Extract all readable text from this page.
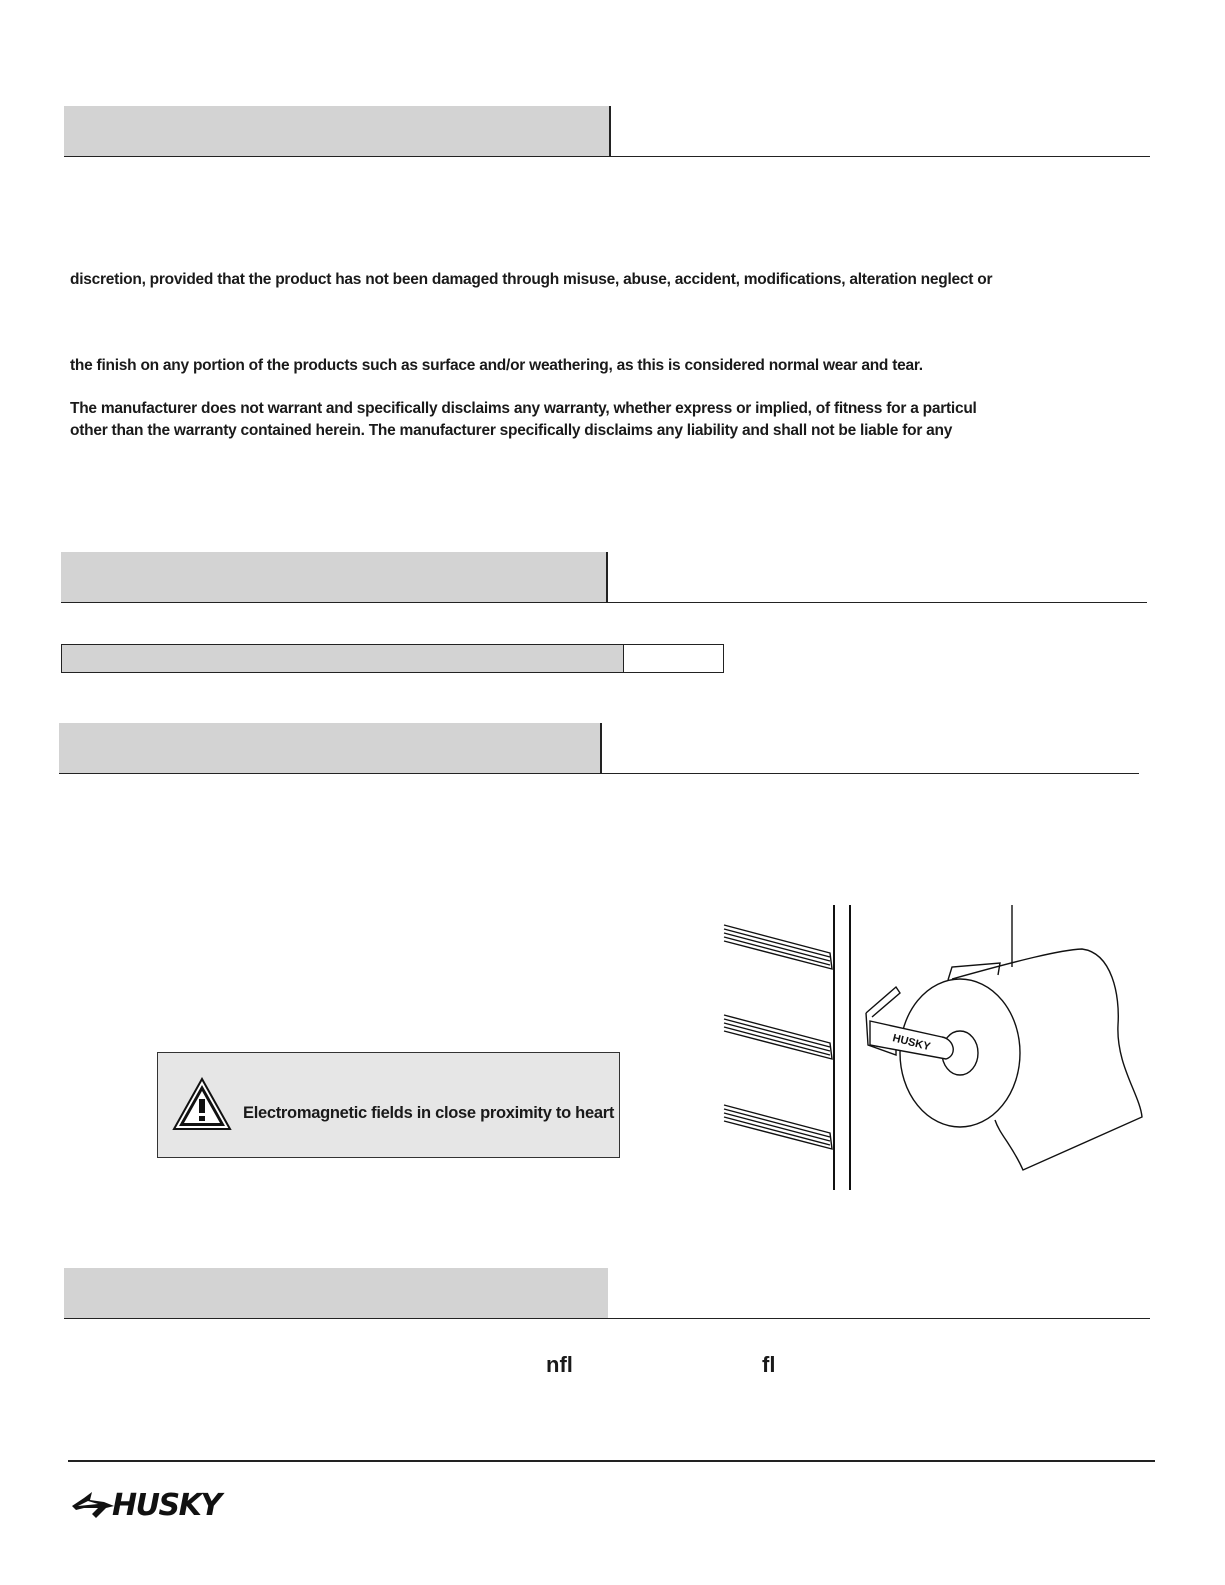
discretion, provided that the product has not been damaged through misuse, abuse, accident, modifications, alteration neglect or
the finish on any portion of the products such as surface and/or weathering, as this is considered normal wear and tear.
The manufacturer does not warrant and specifically disclaims any warranty, whether express or implied, of fitness for a particul
other than the warranty contained herein. The manufacturer specifically disclaims any liability and shall not be liable for any
Electromagnetic fields in close proximity to heart
HUSKY
nfl	fl
HUSKY
